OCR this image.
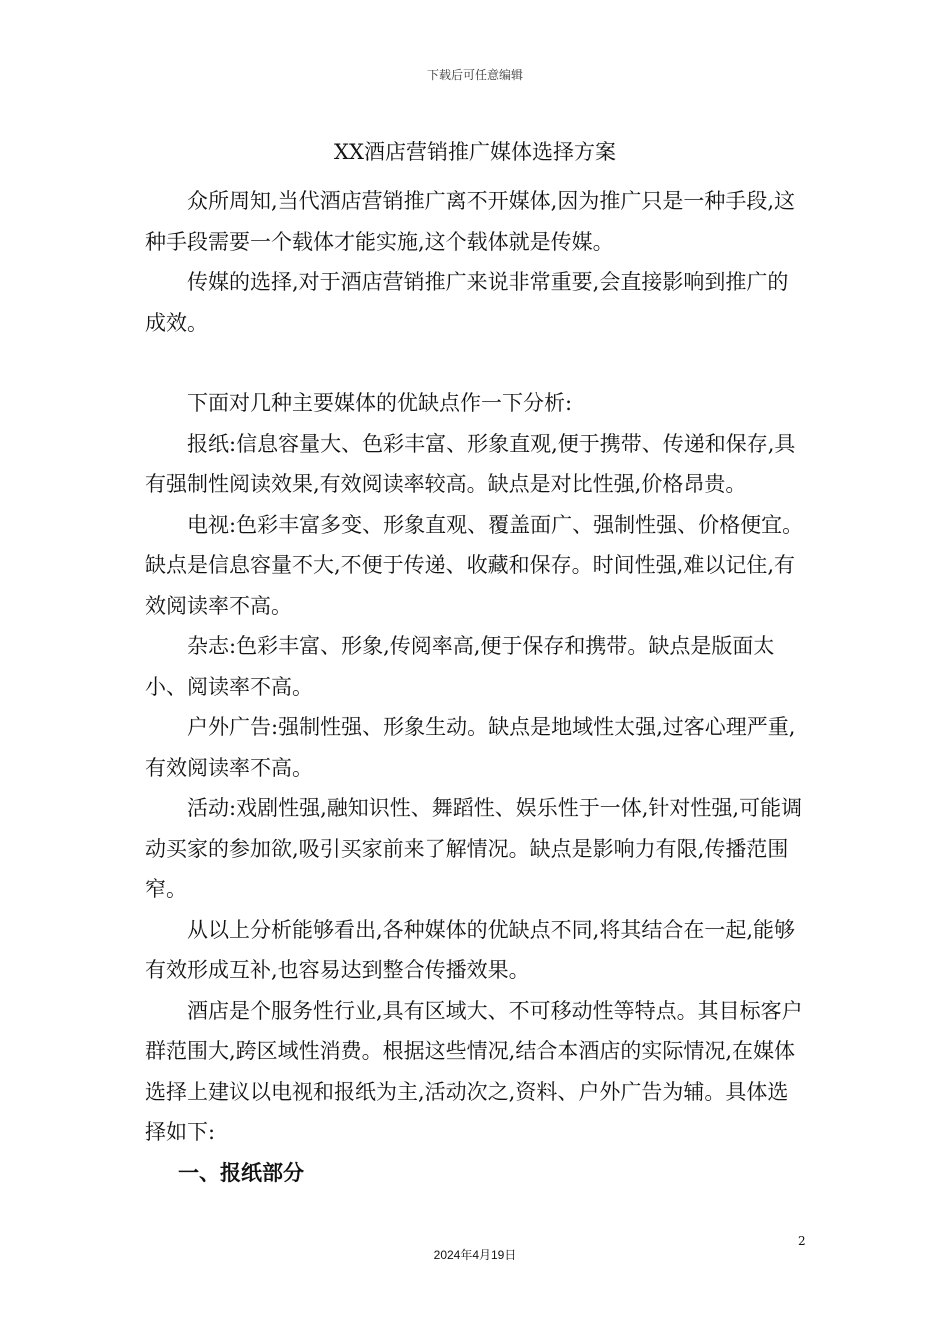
下载后可任意编辑
XX酒店营销推广媒体选择方案

众所周知,当代酒店营销推广离不开媒体,因为推广只是一种手段,这种手段需要一个载体才能实施,这个载体就是传媒。

传媒的选择,对于酒店营销推广来说非常重要,会直接影响到推广的成效。

下面对几种主要媒体的优缺点作一下分析:

报纸:信息容量大、色彩丰富、形象直观,便于携带、传递和保存,具有强制性阅读效果,有效阅读率较高。缺点是对比性强,价格昂贵。

电视:色彩丰富多变、形象直观、覆盖面广、强制性强、价格便宜。缺点是信息容量不大,不便于传递、收藏和保存。时间性强,难以记住,有效阅读率不高。

杂志:色彩丰富、形象,传阅率高,便于保存和携带。缺点是版面太小、阅读率不高。

户外广告:强制性强、形象生动。缺点是地域性太强,过客心理严重,有效阅读率不高。

活动:戏剧性强,融知识性、舞蹈性、娱乐性于一体,针对性强,可能调动买家的参加欲,吸引买家前来了解情况。缺点是影响力有限,传播范围窄。

从以上分析能够看出,各种媒体的优缺点不同,将其结合在一起,能够有效形成互补,也容易达到整合传播效果。

酒店是个服务性行业,具有区域大、不可移动性等特点。其目标客户群范围大,跨区域性消费。根据这些情况,结合本酒店的实际情况,在媒体选择上建议以电视和报纸为主,活动次之,资料、户外广告为辅。具体选择如下:

一、报纸部分
2
2024年4月19日
